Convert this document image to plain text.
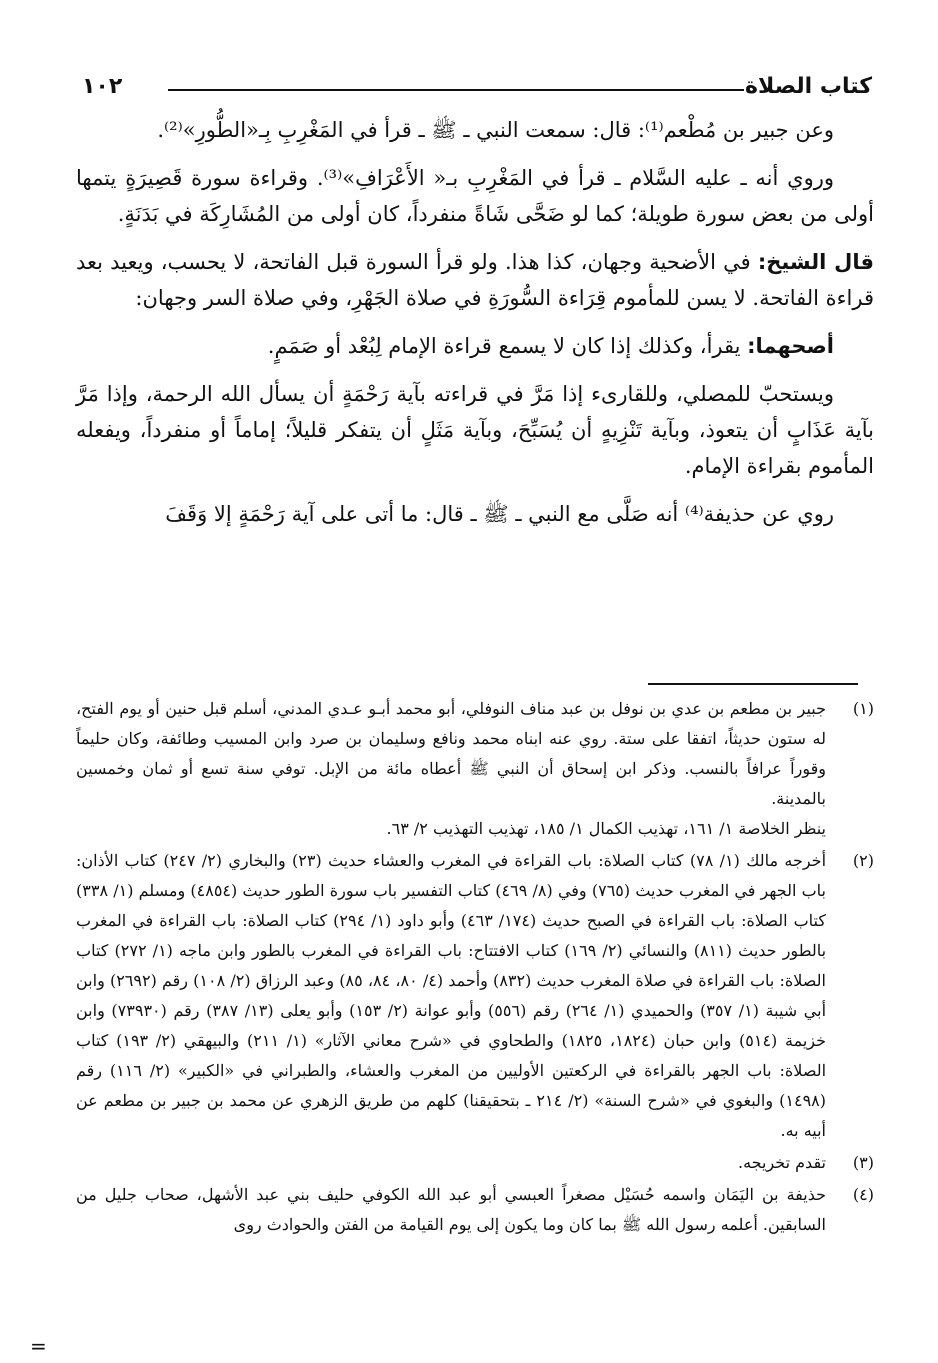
كتاب الصلاة
١٠٢

وعن جبير بن مُطْعم⁽¹⁾: قال: سمعت النبي ـ ﷺ ـ قرأ في المَغْرِبِ بِـ«الطُّورِ»⁽²⁾.

وروي أنه ـ عليه السَّلام ـ قرأ في المَغْرِبِ بـ« الأَعْرَافِ»⁽³⁾. وقراءة سورة قَصِيرَةٍ يتمها أولى من بعض سورة طويلة؛ كما لو ضَحَّى شَاةً منفرداً، كان أولى من المُشَارِكَة في بَدَنَةٍ.

قال الشيخ: في الأضحية وجهان، كذا هذا. ولو قرأ السورة قبل الفاتحة، لا يحسب، ويعيد بعد قراءة الفاتحة. لا يسن للمأموم قِرَاءة السُّورَةِ في صلاة الجَهْرِ، وفي صلاة السر وجهان:

أصحهما: يقرأ، وكذلك إذا كان لا يسمع قراءة الإمام لِبُعْد أو صَمَمٍ.

ويستحبّ للمصلي، وللقارىء إذا مَرَّ في قراءته بآية رَحْمَةٍ أن يسأل الله الرحمة، وإذا مَرَّ بآية عَذَابٍ أن يتعوذ، وبآية تَنْزِيهٍ أن يُسَبِّحَ، وبآية مَثَلٍ أن يتفكر قليلاً؛ إماماً أو منفرداً، ويفعله المأموم بقراءة الإمام.

روي عن حذيفة⁽⁴⁾ أنه صَلَّى مع النبي ـ ﷺ ـ قال: ما أتى على آية رَحْمَةٍ إلا وَقَفَ

(١)
جبير بن مطعم بن عدي بن نوفل بن عبد مناف النوفلي، أبو محمد أبـو عـدي المدني، أسلم قبل حنين أو يوم الفتح، له ستون حديثاً، اتفقا على ستة. روي عنه ابناه محمد ونافع وسليمان بن صرد وابن المسيب وطائفة، وكان حليماً وقوراً عرافاً بالنسب. وذكر ابن إسحاق أن النبي ﷺ أعطاه مائة من الإبل. توفي سنة تسع أو ثمان وخمسين بالمدينة.
ينظر الخلاصة ١/ ١٦١، تهذيب الكمال ١/ ١٨٥، تهذيب التهذيب ٢/ ٦٣.
(٢)
أخرجه مالك (١/ ٧٨) كتاب الصلاة: باب القراءة في المغرب والعشاء حديث (٢٣) والبخاري (٢/ ٢٤٧) كتاب الأذان: باب الجهر في المغرب حديث (٧٦٥) وفي (٨/ ٤٦٩) كتاب التفسير باب سورة الطور حديث (٤٨٥٤) ومسلم (١/ ٣٣٨) كتاب الصلاة: باب القراءة في الصبح حديث (١٧٤/ ٤٦٣) وأبو داود (١/ ٢٩٤) كتاب الصلاة: باب القراءة في المغرب بالطور حديث (٨١١) والنسائي (٢/ ١٦٩) كتاب الافتتاح: باب القراءة في المغرب بالطور وابن ماجه (١/ ٢٧٢) كتاب الصلاة: باب القراءة في صلاة المغرب حديث (٨٣٢) وأحمد (٤/ ٨٠، ٨٤، ٨٥) وعبد الرزاق (٢/ ١٠٨) رقم (٢٦٩٢) وابن أبي شيبة (١/ ٣٥٧) والحميدي (١/ ٢٦٤) رقم (٥٥٦) وأبو عوانة (٢/ ١٥٣) وأبو يعلى (١٣/ ٣٨٧) رقم (٧٣٩٣٠) وابن خزيمة (٥١٤) وابن حبان (١٨٢٤، ١٨٢٥) والطحاوي في «شرح معاني الآثار» (١/ ٢١١) والبيهقي (٢/ ١٩٣) كتاب الصلاة: باب الجهر بالقراءة في الركعتين الأوليين من المغرب والعشاء، والطبراني في «الكبير» (٢/ ١١٦) رقم (١٤٩٨) والبغوي في «شرح السنة» (٢/ ٢١٤ ـ بتحقيقنا) كلهم من طريق الزهري عن محمد بن جبير بن مطعم عن أبيه به.
(٣)
تقدم تخريجه.
(٤)
حذيفة بن اليَمَان واسمه حُسَيْل مصغراً العبسي أبو عبد الله الكوفي حليف بني عبد الأشهل، صحاب جليل من السابقين. أعلمه رسول الله ﷺ بما كان وما يكون إلى يوم القيامة من الفتن والحوادث روى
=
